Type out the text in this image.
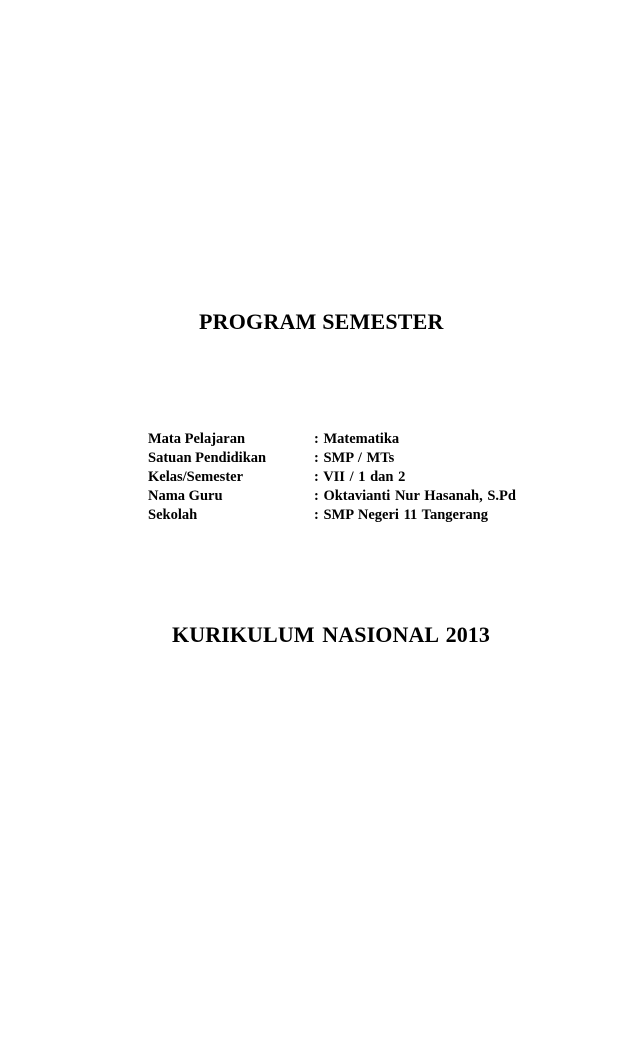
PROGRAM SEMESTER
Mata Pelajaran	: Matematika
Satuan Pendidikan	: SMP / MTs
Kelas/Semester	: VII / 1 dan 2
Nama Guru	: Oktavianti Nur Hasanah, S.Pd
Sekolah	: SMP Negeri 11 Tangerang
KURIKULUM NASIONAL 2013
